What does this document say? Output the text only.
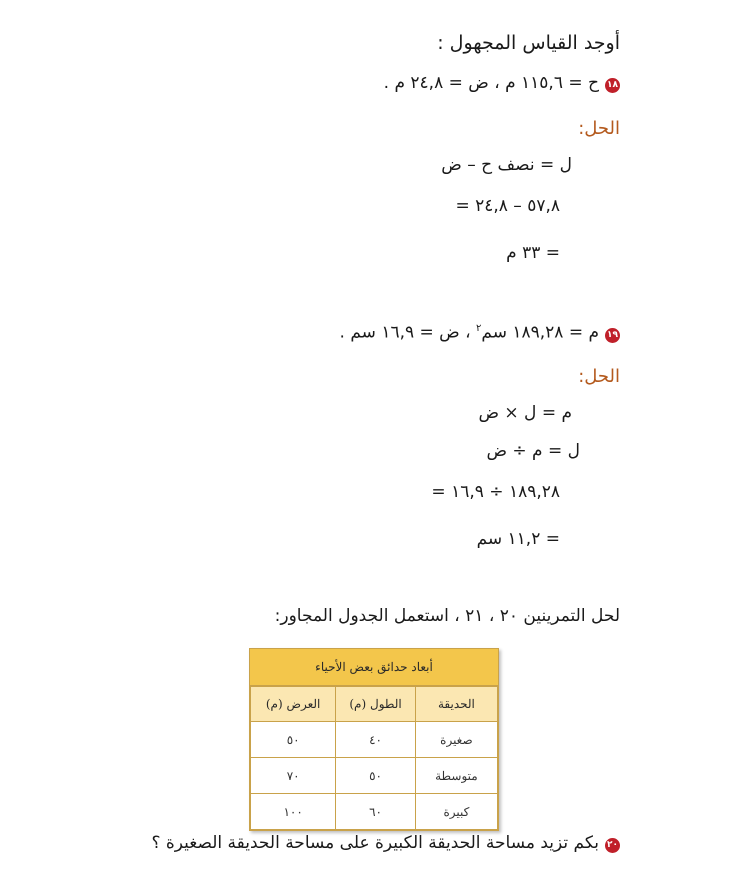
أوجد القياس المجهول :
١٨ح = ١١٥,٦ م ، ض = ٢٤,٨ م .
الحل:
ل = نصف ح – ض
= ٥٧,٨ – ٢٤,٨
= ٣٣ م
١٩م = ١٨٩,٢٨ سم$^٢$ ، ض = ١٦,٩ سم .
الحل:
م = ل × ض
ل = م ÷ ض
= ١٨٩,٢٨ ÷ ١٦,٩
= ١١,٢ سم
لحل التمرينين ٢٠ ، ٢١ ، استعمل الجدول المجاور:
أبعاد حدائق بعض الأحياء
الحديقة	الطول (م)	العرض (م)
صغيرة	٤٠	٥٠
متوسطة	٥٠	٧٠
كبيرة	٦٠	١٠٠
٢٠بكم تزيد مساحة الحديقة الكبيرة على مساحة الحديقة الصغيرة ؟
